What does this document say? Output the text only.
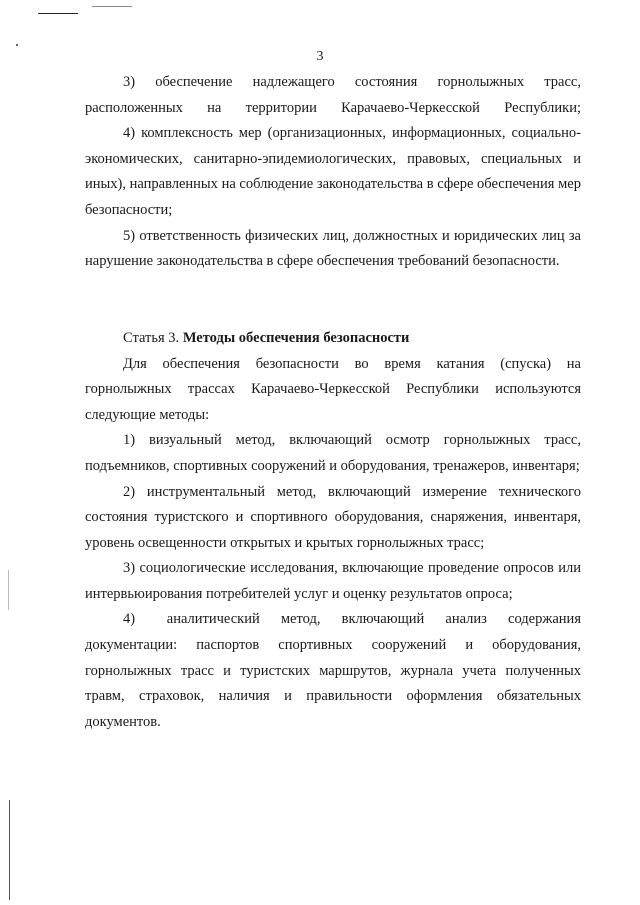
3

3)    обеспечение    надлежащего    состояния    горнолыжных    трасс, расположенных на территории Карачаево-Черкесской Республики;

4) комплексность мер (организационных, информационных, социально-экономических, санитарно-эпидемиологических, правовых, специальных и иных), направленных на соблюдение законодательства в сфере обеспечения мер безопасности;

5) ответственность физических лиц, должностных и юридических лиц за нарушение законодательства в сфере обеспечения требований безопасности.

Статья 3. Методы обеспечения безопасности

Для обеспечения безопасности во время катания (спуска) на горнолыжных трассах Карачаево-Черкесской Республики используются следующие методы:

1) визуальный метод, включающий осмотр горнолыжных трасс, подъемников, спортивных сооружений и оборудования, тренажеров, инвентаря;

2) инструментальный метод, включающий измерение технического состояния туристского и спортивного оборудования, снаряжения, инвентаря, уровень освещенности открытых и крытых горнолыжных трасс;

3) социологические исследования, включающие проведение опросов или интервьюирования потребителей услуг и оценку результатов опроса;

4)      аналитический    метод,    включающий    анализ    содержания документации: паспортов спортивных сооружений и оборудования, горнолыжных трасс и туристских маршрутов, журнала учета полученных травм, страховок, наличия и правильности оформления обязательных документов.
